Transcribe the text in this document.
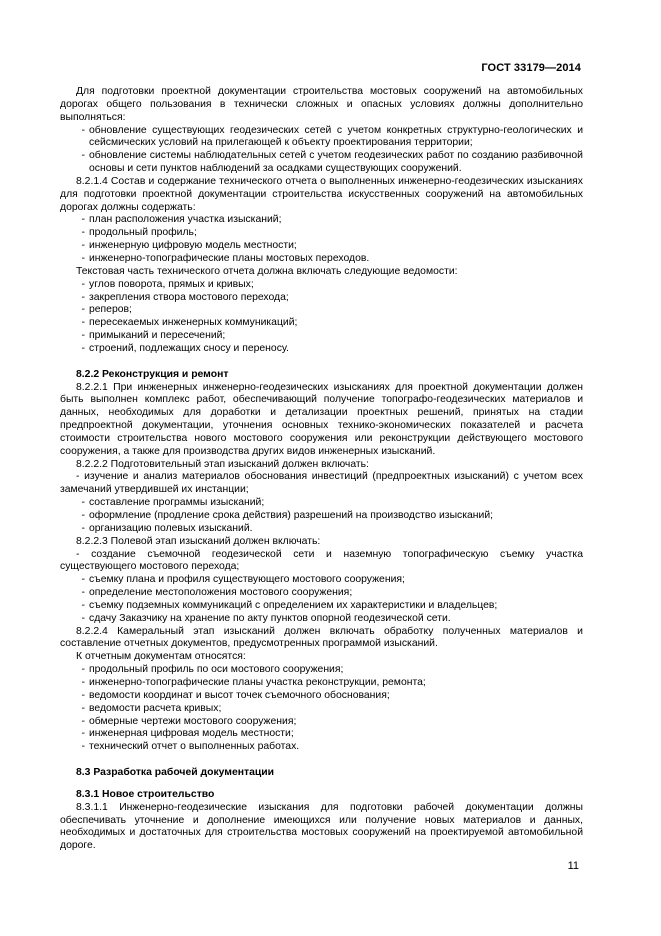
ГОСТ 33179—2014

Для подготовки проектной документации строительства мостовых сооружений на автомобильных дорогах общего пользования в технически сложных и опасных условиях должны дополнительно выполняться:

- обновление существующих геодезических сетей с учетом конкретных структурно-геологических и сейсмических условий на прилегающей к объекту проектирования территории;
- обновление системы наблюдательных сетей с учетом геодезических работ по созданию разбивочной основы и сети пунктов наблюдений за осадками существующих сооружений.

8.2.1.4 Состав и содержание технического отчета о выполненных инженерно-геодезических изысканиях для подготовки проектной документации строительства искусственных сооружений на автомобильных дорогах должны содержать:

- план расположения участка изысканий;
- продольный профиль;
- инженерную цифровую модель местности;
- инженерно-топографические планы мостовых переходов.

Текстовая часть технического отчета должна включать следующие ведомости:

- углов поворота, прямых и кривых;
- закрепления створа мостового перехода;
- реперов;
- пересекаемых инженерных коммуникаций;
- примыканий и пересечений;
- строений, подлежащих сносу и переносу.

8.2.2 Реконструкция и ремонт

8.2.2.1 При инженерных инженерно-геодезических изысканиях для проектной документации должен быть выполнен комплекс работ, обеспечивающий получение топографо-геодезических материалов и данных, необходимых для доработки и детализации проектных решений, принятых на стадии предпроектной документации, уточнения основных технико-экономических показателей и расчета стоимости строительства нового мостового сооружения или реконструкции действующего мостового сооружения, а также для производства других видов инженерных изысканий.

8.2.2.2 Подготовительный этап изысканий должен включать:

- изучение и анализ материалов обоснования инвестиций (предпроектных изысканий) с учетом всех замечаний утвердившей их инстанции;
- составление программы изысканий;
- оформление (продление срока действия) разрешений на производство изысканий;
- организацию полевых изысканий.

8.2.2.3 Полевой этап изысканий должен включать:

- создание съемочной геодезической сети и наземную топографическую съемку участка существующего мостового перехода;
- съемку плана и профиля существующего мостового сооружения;
- определение местоположения мостового сооружения;
- съемку подземных коммуникаций с определением их характеристики и владельцев;
- сдачу Заказчику на хранение по акту пунктов опорной геодезической сети.

8.2.2.4 Камеральный этап изысканий должен включать обработку полученных материалов и составление отчетных документов, предусмотренных программой изысканий.

К отчетным документам относятся:

- продольный профиль по оси мостового сооружения;
- инженерно-топографические планы участка реконструкции, ремонта;
- ведомости координат и высот точек съемочного обоснования;
- ведомости расчета кривых;
- обмерные чертежи мостового сооружения;
- инженерная цифровая модель местности;
- технический отчет о выполненных работах.

8.3 Разработка рабочей документации

8.3.1 Новое строительство

8.3.1.1 Инженерно-геодезические изыскания для подготовки рабочей документации должны обеспечивать уточнение и дополнение имеющихся или получение новых материалов и данных, необходимых и достаточных для строительства мостовых сооружений на проектируемой автомобильной дороге.

11
